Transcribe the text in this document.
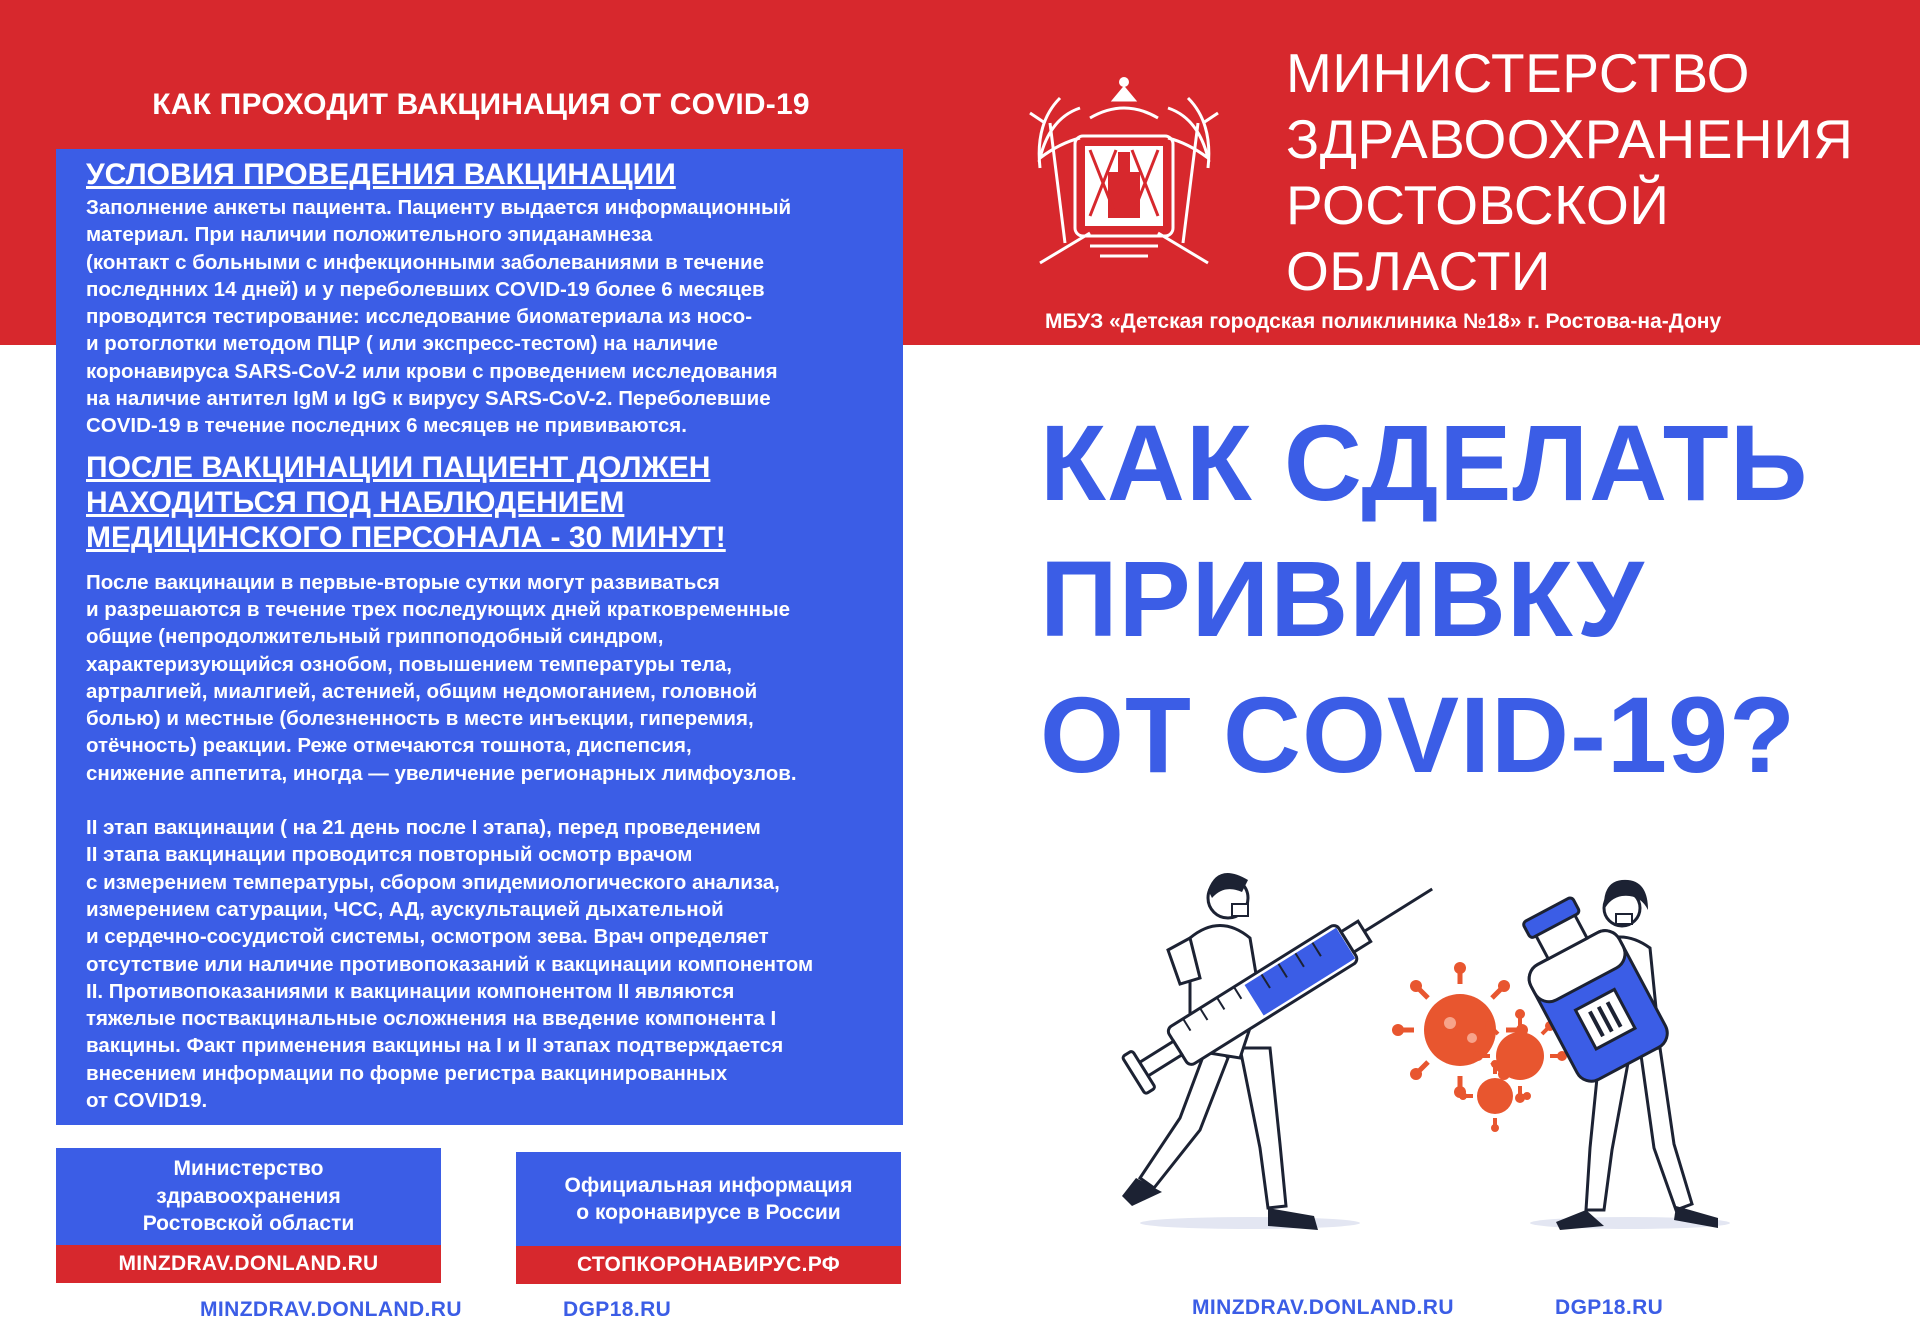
КАК ПРОХОДИТ ВАКЦИНАЦИЯ ОТ COVID-19
УСЛОВИЯ ПРОВЕДЕНИЯ ВАКЦИНАЦИИ
Заполнение анкеты пациента. Пациенту выдается информационный
материал. При наличии положительного эпиданамнеза
(контакт с больными с инфекционными заболеваниями в течение
последнних 14 дней) и у переболевших COVID-19 более 6 месяцев
проводится тестирование: исследование биоматериала из носо-
и ротоглотки методом ПЦР ( или экспресс-тестом) на наличие
коронавируса SARS-CoV-2 или крови с проведением исследования
на наличие антител IgM и IgG к вирусу SARS-CoV-2. Переболевшие
COVID-19 в течение последних 6 месяцев не прививаются.
ПОСЛЕ ВАКЦИНАЦИИ ПАЦИЕНТ ДОЛЖЕН
НАХОДИТЬСЯ ПОД НАБЛЮДЕНИЕМ
МЕДИЦИНСКОГО ПЕРСОНАЛА - 30 МИНУТ!
После вакцинации в первые-вторые сутки могут развиваться
и разрешаются в течение трех последующих дней кратковременные
общие (непродолжительный гриппоподобный синдром,
характеризующийся ознобом, повышением температуры тела,
артралгией, миалгией, астенией, общим недомоганием, головной
болью) и местные (болезненность в месте инъекции, гиперемия,
отёчность) реакции. Реже отмечаются тошнота, диспепсия,
снижение аппетита, иногда — увеличение регионарных лимфоузлов.
II этап вакцинации ( на 21 день после I этапа), перед проведением
II этапа вакцинации проводится повторный осмотр врачом
с измерением температуры, сбором эпидемиологического анализа,
измерением сатурации, ЧСС, АД, аускультацией дыхательной
и сердечно-сосудистой системы, осмотром зева. Врач определяет
отсутствие или наличие противопоказаний к вакцинации компонентом
II. Противопоказаниями к вакцинации компонентом II являются
тяжелые поствакцинальные осложнения на введение компонента I
вакцины. Факт применения вакцины на I и II этапах подтверждается
внесением информации по форме регистра вакцинированных
от COVID19.
Министерство
здравоохранения
Ростовской области
MINZDRAV.DONLAND.RU
Официальная информация
о коронавирусе в России
СТОПКОРОНАВИРУС.РФ
MINZDRAV.DONLAND.RU	DGP18.RU
МИНИСТЕРСТВО
ЗДРАВООХРАНЕНИЯ
РОСТОВСКОЙ
ОБЛАСТИ
МБУЗ «Детская городская поликлиника №18» г. Ростова-на-Дону
КАК СДЕЛАТЬ
ПРИВИВКУ
ОТ COVID-19?
MINZDRAV.DONLAND.RU	DGP18.RU
